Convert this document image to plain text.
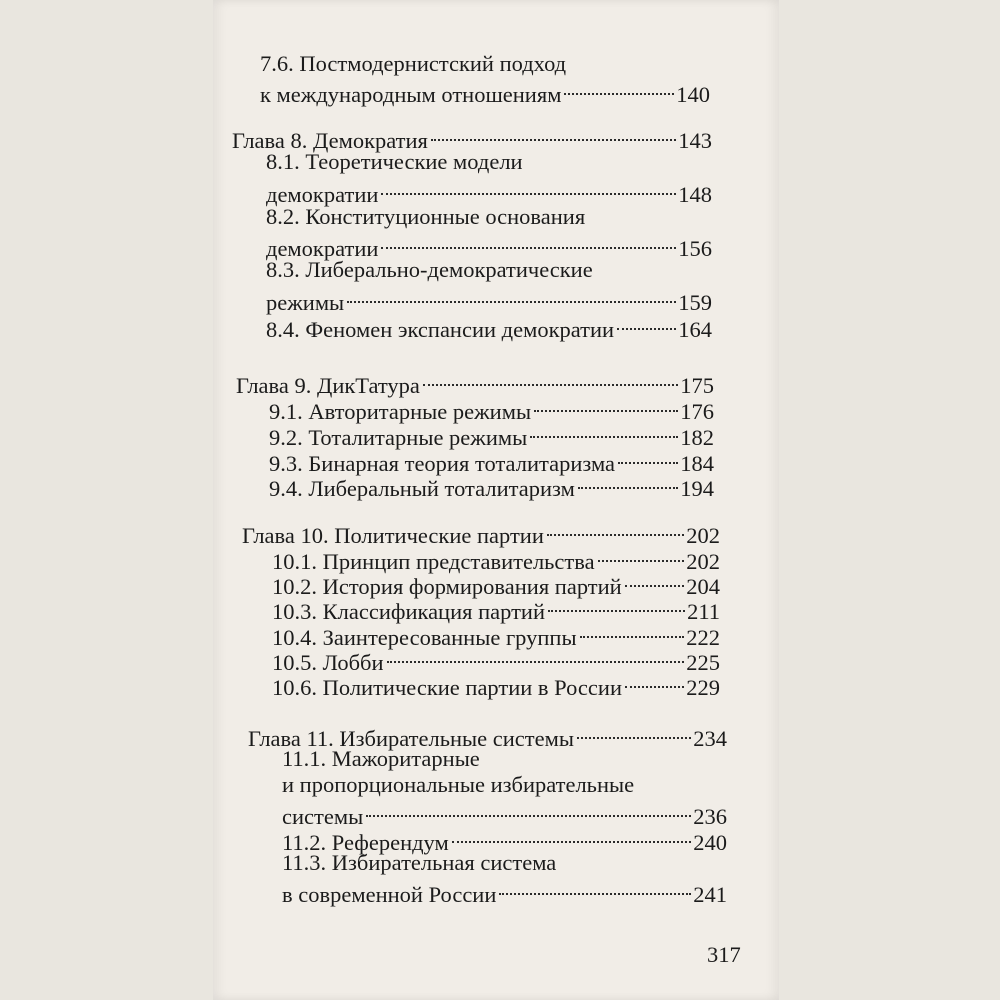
7.6. Постмодернистский подход
к международным отношениям	140
Глава 8. Демократия	143
8.1. Теоретические модели
демократии	148
8.2. Конституционные основания
демократии	156
8.3. Либерально-демократические
режимы	159
8.4. Феномен экспансии демократии	164
Глава 9. ДикТатура	175
9.1. Авторитарные режимы	176
9.2. Тоталитарные режимы	182
9.3. Бинарная теория тоталитаризма	184
9.4. Либеральный тоталитаризм	194
Глава 10. Политические партии	202
10.1. Принцип представительства	202
10.2. История формирования партий	204
10.3. Классификация партий	211
10.4. Заинтересованные группы	222
10.5. Лобби	225
10.6. Политические партии в России	229
Глава 11. Избирательные системы	234
11.1. Мажоритарные
и пропорциональные избирательные
системы	236
11.2. Референдум	240
11.3. Избирательная система
в современной России	241
317
